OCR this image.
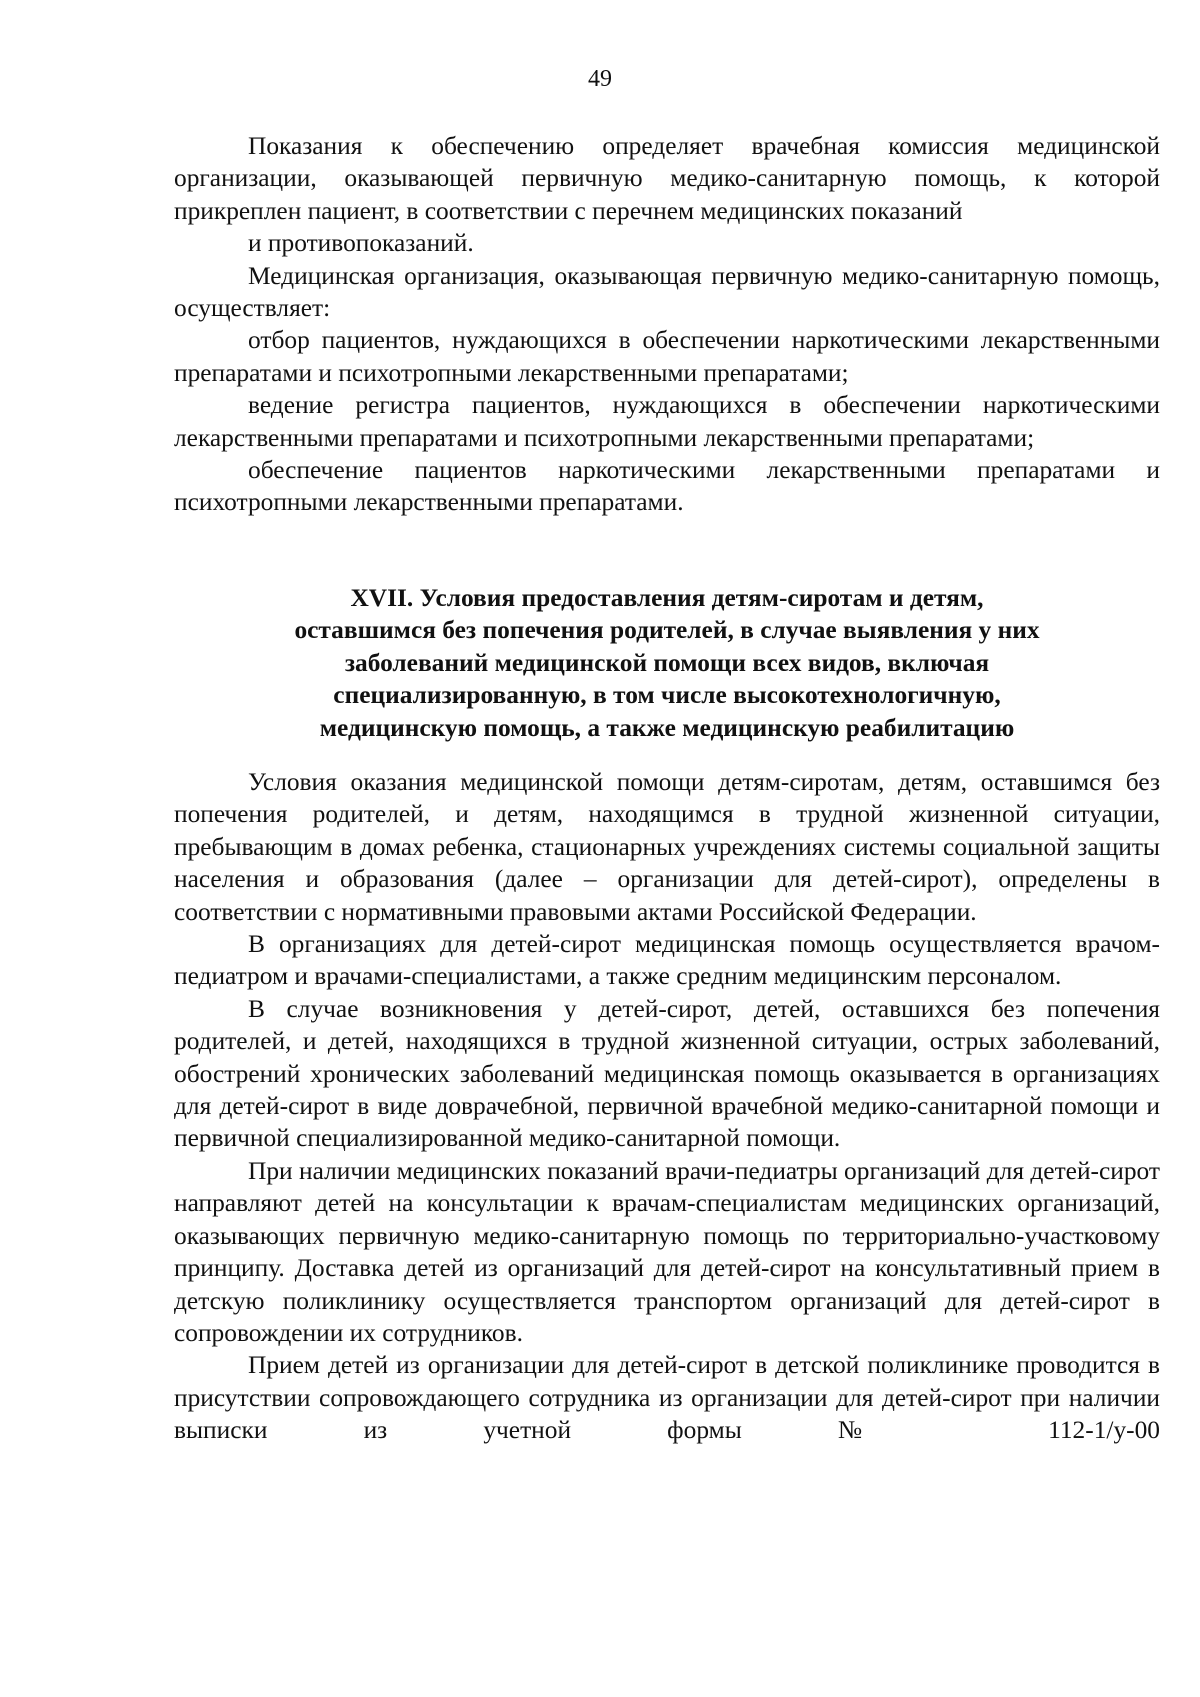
49

Показания к обеспечению определяет врачебная комиссия медицинской организации, оказывающей первичную медико-санитарную помощь, к которой прикреплен пациент, в соответствии с перечнем медицинских показаний

и противопоказаний.

Медицинская организация, оказывающая первичную медико-санитарную помощь, осуществляет:

отбор пациентов, нуждающихся в обеспечении наркотическими лекарственными препаратами и психотропными лекарственными препаратами;

ведение регистра пациентов, нуждающихся в обеспечении наркотическими лекарственными препаратами и психотропными лекарственными препаратами;

обеспечение пациентов наркотическими лекарственными препаратами и психотропными лекарственными препаратами.

XVII. Условия предоставления детям-сиротам и детям,
оставшимся без попечения родителей, в случае выявления у них
заболеваний медицинской помощи всех видов, включая
специализированную, в том числе высокотехнологичную,
медицинскую помощь, а также медицинскую реабилитацию

Условия оказания медицинской помощи детям-сиротам, детям, оставшимся без попечения родителей, и детям, находящимся в трудной жизненной ситуации, пребывающим в домах ребенка, стационарных учреждениях системы социальной защиты населения и образования (далее – организации для детей-сирот), определены в соответствии с нормативными правовыми актами Российской Федерации.

В организациях для детей-сирот медицинская помощь осуществляется врачом-педиатром и врачами-специалистами, а также средним медицинским персоналом.

В случае возникновения у детей-сирот, детей, оставшихся без попечения родителей, и детей, находящихся в трудной жизненной ситуации, острых заболеваний, обострений хронических заболеваний медицинская помощь оказывается в организациях для детей-сирот в виде доврачебной, первичной врачебной медико-санитарной помощи и первичной специализированной медико-санитарной помощи.

При наличии медицинских показаний врачи-педиатры организаций для детей-сирот направляют детей на консультации к врачам-специалистам медицинских организаций, оказывающих первичную медико-санитарную помощь по территориально-участковому принципу. Доставка детей из организаций для детей-сирот на консультативный прием в детскую поликлинику осуществляется транспортом организаций для детей-сирот в сопровождении их сотрудников.

Прием детей из организации для детей-сирот в детской поликлинике проводится в присутствии сопровождающего сотрудника из организации для детей-сирот при наличии выписки из учетной формы № 112-1/у-00
